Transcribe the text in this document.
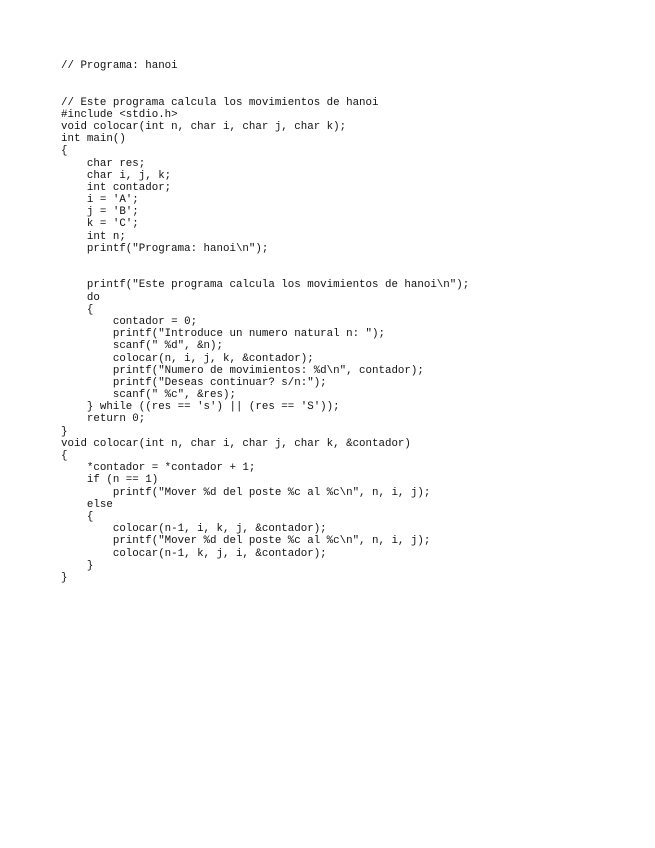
// Programa: hanoi
// Este programa calcula los movimientos de hanoi
#include <stdio.h>
void colocar(int n, char i, char j, char k);
int main()
{
char res;
char i, j, k;
int contador;
i = 'A';
j = 'B';
k = 'C';
int n;
printf("Programa: hanoi\n");
printf("Este programa calcula los movimientos de hanoi\n");
do
{
contador = 0;
printf("Introduce un numero natural n: ");
scanf(" %d", &n);
colocar(n, i, j, k, &contador);
printf("Numero de movimientos: %d\n", contador);
printf("Deseas continuar? s/n:");
scanf(" %c", &res);
} while ((res == 's') || (res == 'S'));
return 0;
}
void colocar(int n, char i, char j, char k, &contador)
{
*contador = *contador + 1;
if (n == 1)
printf("Mover %d del poste %c al %c\n", n, i, j);
else
{
colocar(n-1, i, k, j, &contador);
printf("Mover %d del poste %c al %c\n", n, i, j);
colocar(n-1, k, j, i, &contador);
}
}
